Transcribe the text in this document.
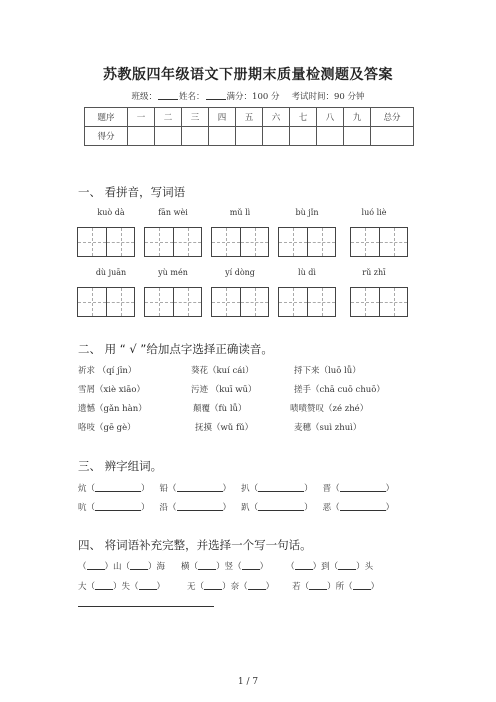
苏教版四年级语文下册期末质量检测题及答案
班级：	姓名：	满分：100 分 考试时间：90 分钟
题序	一	二	三	四	五	六	七	八	九	总分
得分										
一、 看拼音，写词语
kuò dà	fān wèi	mǔ lì	bù jǐn	luó liè
dù juān	yù mén	yí dòng	lù dì	rǔ zhī
二、 用 “ √ ”给加点字选择正确读音。
祈求 （qí jīn）	葵花（kuí cái）	捋下来（luō lǚ）
雪屑（xiè xiāo）	污迹 （kuī wū）	搓手（chā cuō chuō）
遗憾（gǎn hàn）	颠覆（fù lǚ）	啧啧赞叹（zé zhé）
咯吱（gē gè）	抚摸（wǔ fǔ）	麦穗（suì zhuì）
三、 辨字组词。
炕（	） 铅（	） 扒（	） 晋（	）
吭（	） 沿（	） 趴（	） 恶（	）
四、 将词语补充完整，并选择一个写一句话。
（ ）山（ ）海 横（ ）竖（ ） （ ）到（ ）头
大（ ）失（ ）	无（ ）奈（ ） 若（ ）所（ ）
1 / 7
